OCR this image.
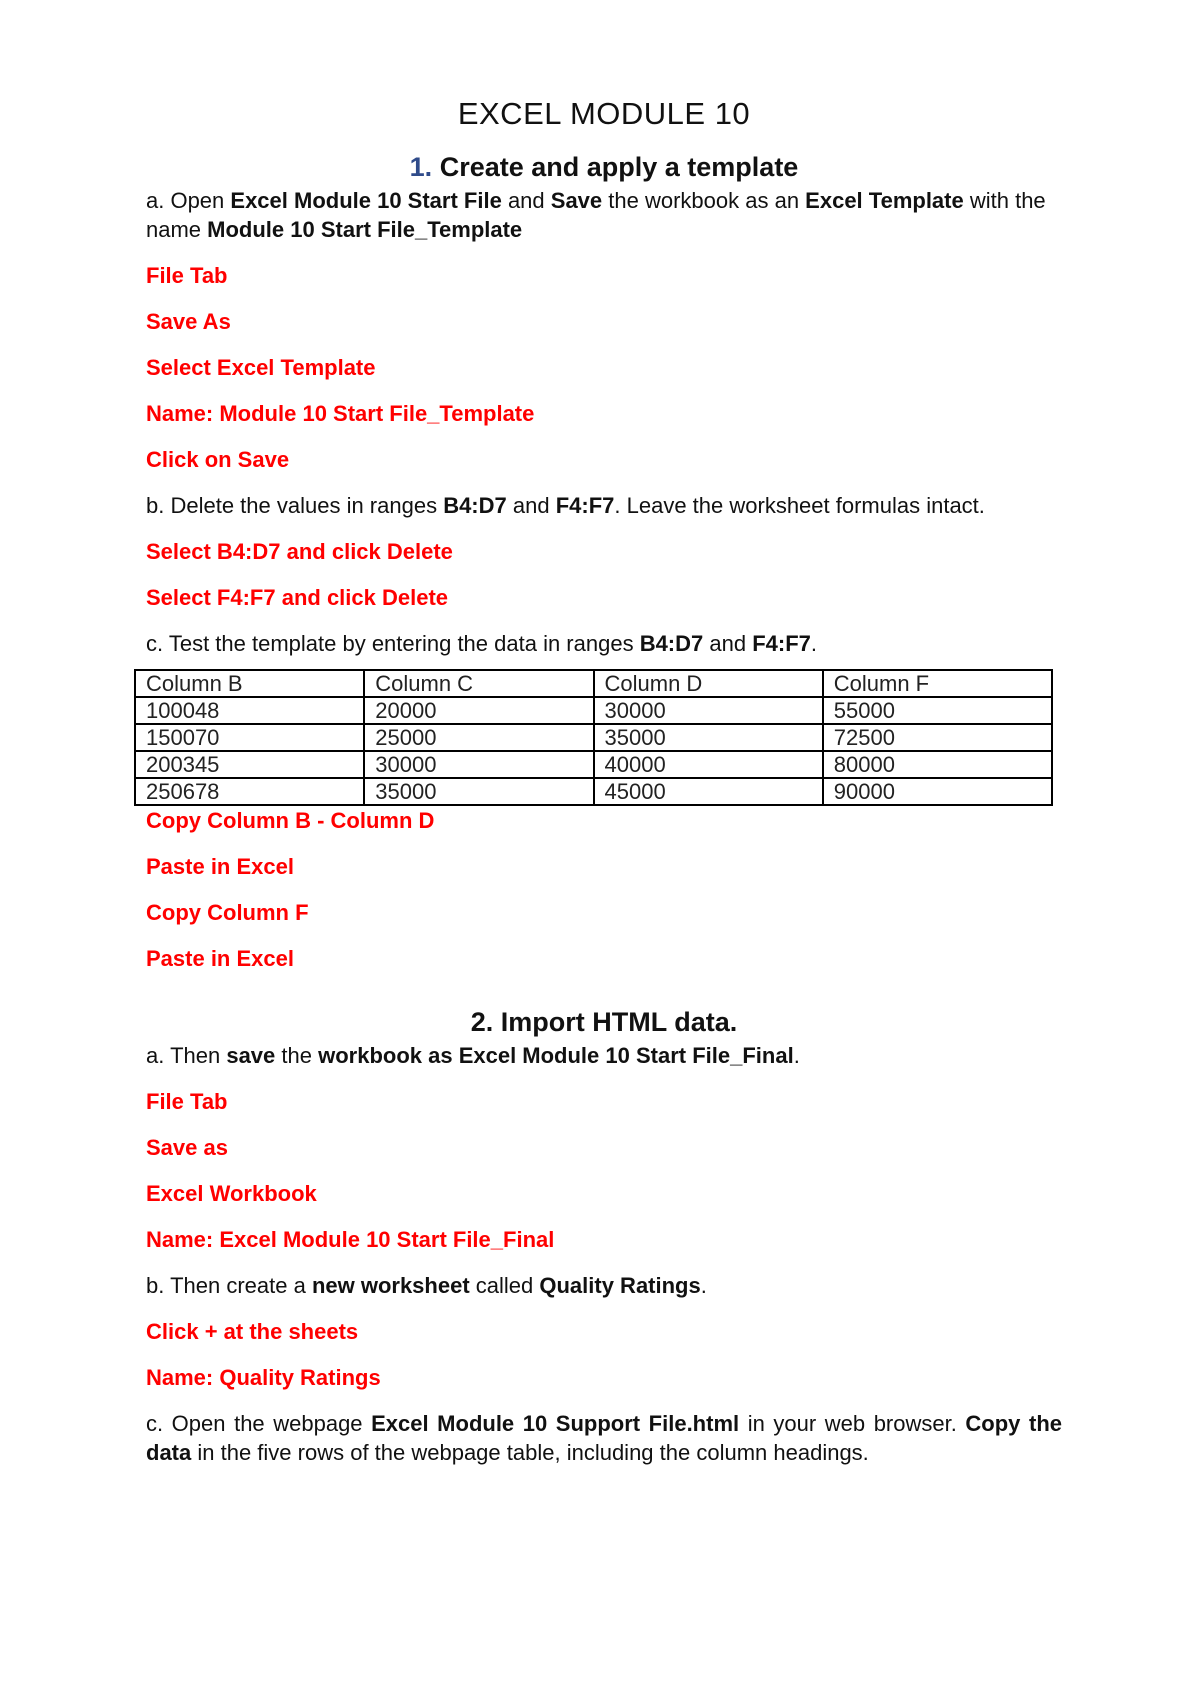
EXCEL MODULE 10
1. Create and apply a template

a. Open Excel Module 10 Start File and Save the workbook as an Excel Template with the name Module 10 Start File_Template

File Tab

Save As

Select Excel Template

Name: Module 10 Start File_Template

Click on Save

b. Delete the values in ranges B4:D7 and F4:F7. Leave the worksheet formulas intact.

Select B4:D7 and click Delete

Select F4:F7 and click Delete

c. Test the template by entering the data in ranges B4:D7 and F4:F7.

Column B	Column C	Column D	Column F
100048	20000	30000	55000
150070	25000	35000	72500
200345	30000	40000	80000
250678	35000	45000	90000

Copy Column B - Column D

Paste in Excel

Copy Column F

Paste in Excel

2. Import HTML data.

a. Then save the workbook as Excel Module 10 Start File_Final.

File Tab

Save as

Excel Workbook

Name: Excel Module 10 Start File_Final

b. Then create a new worksheet called Quality Ratings.

Click + at the sheets

Name: Quality Ratings

c. Open the webpage Excel Module 10 Support File.html in your web browser. Copy the data in the five rows of the webpage table, including the column headings.
